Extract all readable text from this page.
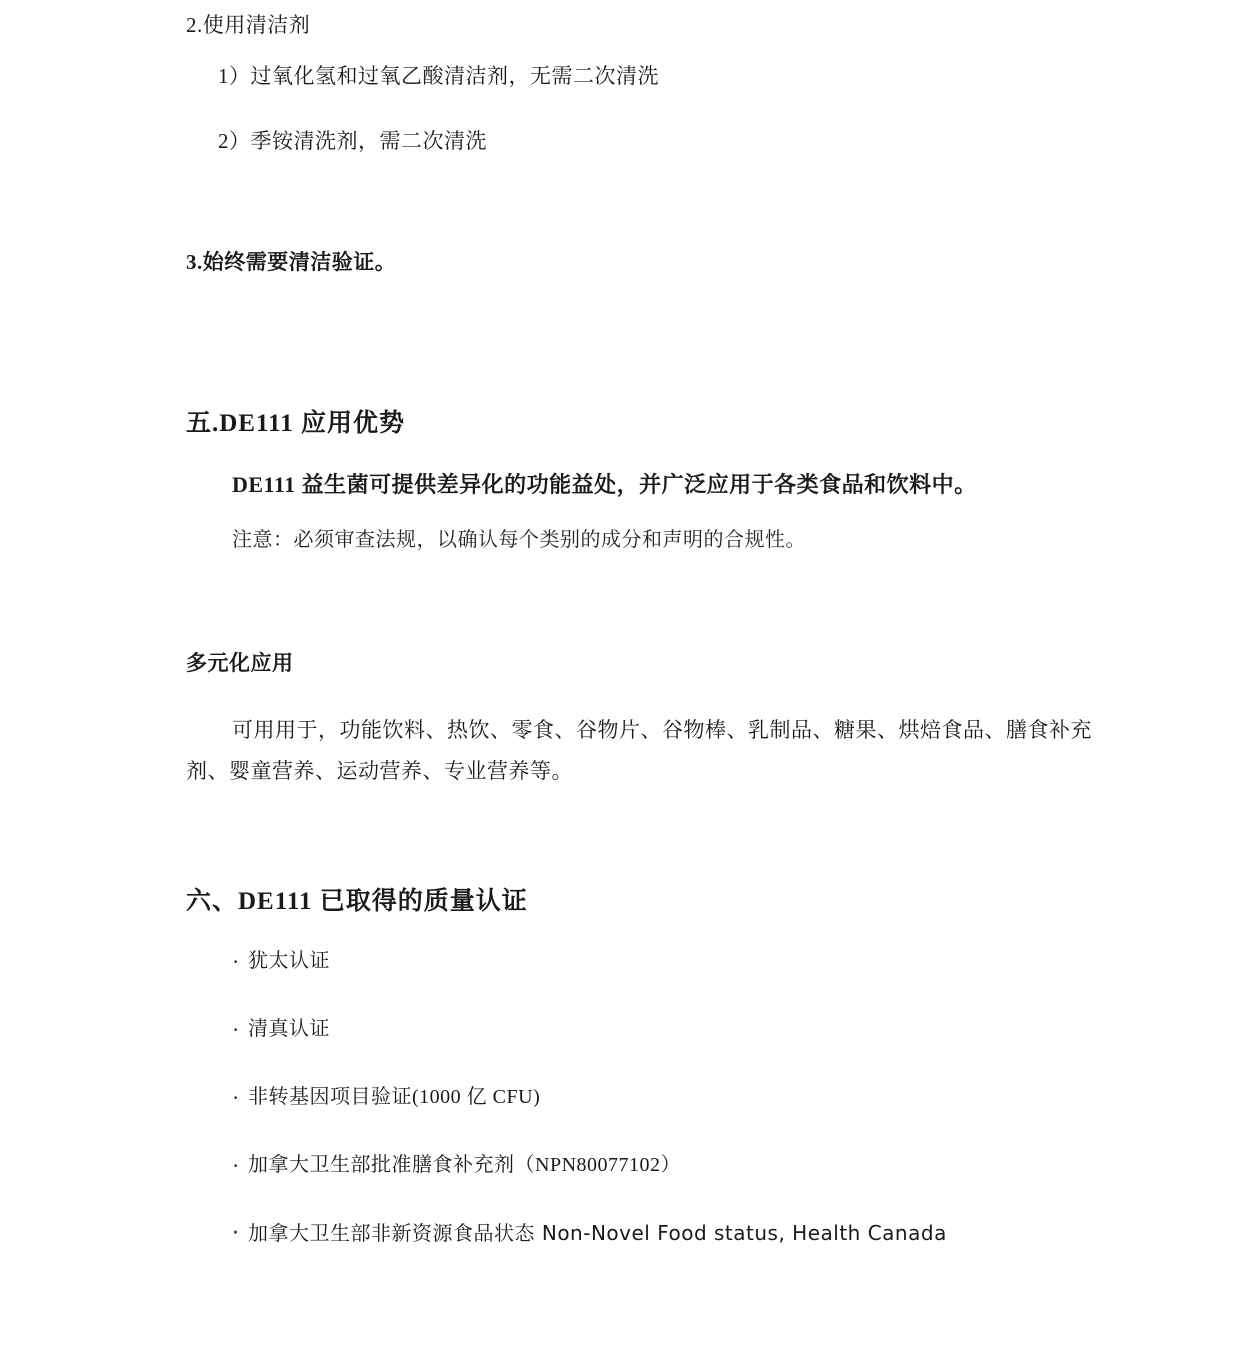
2.使用清洁剂

1）过氧化氢和过氧乙酸清洁剂，无需二次清洗

2）季铵清洗剂，需二次清洗

3.始终需要清洁验证。
五.DE111 应用优势

DE111 益生菌可提供差异化的功能益处，并广泛应用于各类食品和饮料中。

注意：必须审查法规，以确认每个类别的成分和声明的合规性。

多元化应用

可用用于，功能饮料、热饮、零食、谷物片、谷物棒、乳制品、糖果、烘焙食品、膳食补充剂、婴童营养、运动营养、专业营养等。

六、DE111 已取得的质量认证
· 犹太认证
· 清真认证
· 非转基因项目验证(1000 亿 CFU)
· 加拿大卫生部批准膳食补充剂（NPN80077102）
· 加拿大卫生部非新资源食品状态 Non-Novel Food status, Health Canada
